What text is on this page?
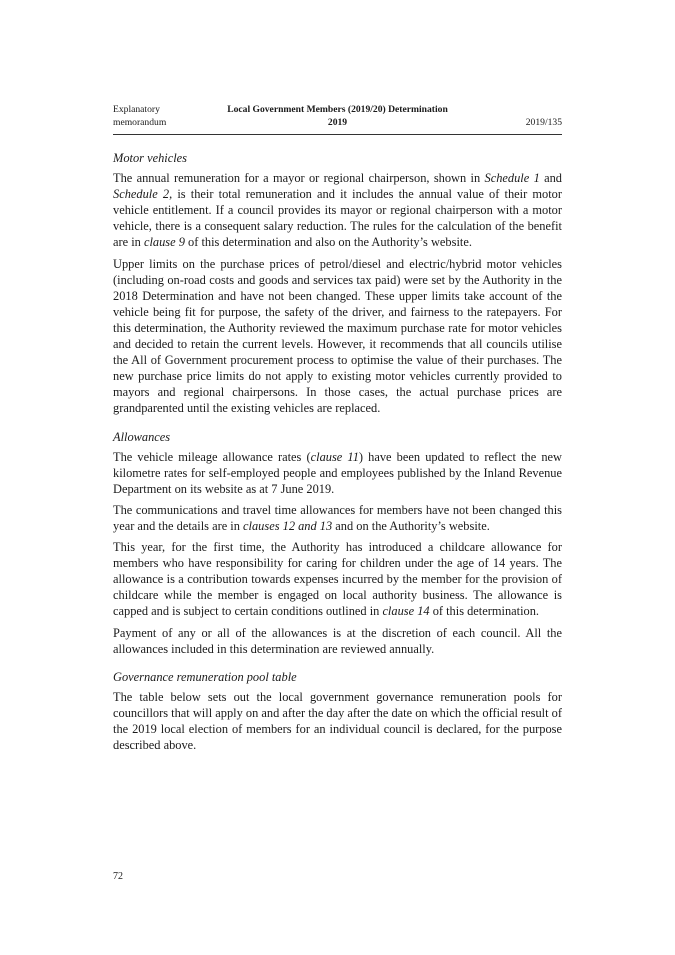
Explanatory
memorandum
Local Government Members (2019/20) Determination
2019	2019/135
Motor vehicles

The annual remuneration for a mayor or regional chairperson, shown in Schedule 1 and Schedule 2, is their total remuneration and it includes the annual value of their motor vehicle entitlement. If a council provides its mayor or regional chairperson with a motor vehicle, there is a consequent salary reduction. The rules for the calculation of the benefit are in clause 9 of this determination and also on the Authority’s website.

Upper limits on the purchase prices of petrol/diesel and electric/hybrid motor vehicles (including on-road costs and goods and services tax paid) were set by the Authority in the 2018 Determination and have not been changed. These upper limits take account of the vehicle being fit for purpose, the safety of the driver, and fairness to the ratepayers. For this determination, the Authority reviewed the maximum purchase rate for motor vehicles and decided to retain the current levels. However, it recommends that all councils utilise the All of Government procurement process to optimise the value of their purchases. The new purchase price limits do not apply to existing motor vehicles currently provided to mayors and regional chairpersons. In those cases, the actual purchase prices are grandparented until the existing vehicles are replaced.

Allowances

The vehicle mileage allowance rates (clause 11) have been updated to reflect the new kilometre rates for self-employed people and employees published by the Inland Revenue Department on its website as at 7 June 2019.

The communications and travel time allowances for members have not been changed this year and the details are in clauses 12 and 13 and on the Authority’s website.

This year, for the first time, the Authority has introduced a childcare allowance for members who have responsibility for caring for children under the age of 14 years. The allowance is a contribution towards expenses incurred by the member for the provision of childcare while the member is engaged on local authority business. The allowance is capped and is subject to certain conditions outlined in clause 14 of this determination.

Payment of any or all of the allowances is at the discretion of each council. All the allowances included in this determination are reviewed annually.

Governance remuneration pool table

The table below sets out the local government governance remuneration pools for councillors that will apply on and after the day after the date on which the official result of the 2019 local election of members for an individual council is declared, for the purpose described above.

72
